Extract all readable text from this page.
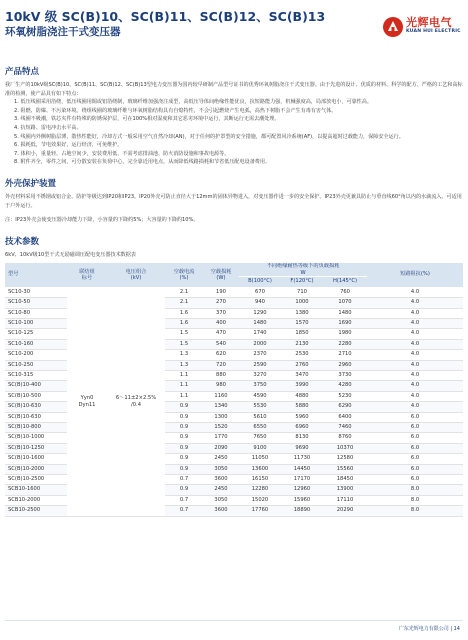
10kV 级 SC(B)10、SC(B)11、SC(B)12、SC(B)13
环氧树脂浇注干式变压器
光辉电气
KUAN HUI ELECTRIC
产品特点

我厂生产的10kV级SC(B)10、SC(B)11、SC(B)12、SC(B)13型电力变压器为国内较早研制产品型号证书的优秀环氧树脂浇注干式变压器。由于先进的设计、优质的材料、科学的配方、严格的工艺和高标准的检测，使产品具有如下特点：

1. 低压线圈采用箔绕，低压线圈用铜或铝箔绕制，玻璃纤维加强浇注成型，高低压导体间绝缘性能优良，抗短路能力强，机械强度高，局部放电小，可靠性高。

2. 阻燃、防爆、不污染环境。绕组线圈的玻璃纤维与环氧树脂结构具有自熄特性，不会引起燃烧产生电弧，高热下树脂不会产生有毒有害气体。

3. 线圈不吸潮，铁芯夹件有特殊的防锈保护层，可在100%相对湿度和其它恶劣环境中运行，其断运行无需去潮处理。

4. 抗短路、雷电冲击水平高。

5. 线圈内外侧树脂层薄，散热性能好，冷却方式一般采用空气自然冷却(AN)，对于任何的护罩型的安全措施，都可配置风冷系统(AF)，以提高超时过载能力，保障安全运行。

6. 损耗低，节电效果好，运行经济，可免维护。

7. 体积小，重量轻，占地空间少，安装费用低，不需考虑排油池、防火消防设施和事故电源等。

8. 附件齐全，零件之间，可分散安装在负荷中心，完全靠近用电点，从而降低线路损耗和节省低压配电设备费用。

外壳保护装置

外壳材料采用不锈钢或铝合金。防护等级达到IP20和IP23。IP20外壳可防止直径大于12mm的固体异物进入，对变压器作进一步的安全保护。IP23外壳更兼具防止与垂直线60°角以内的水滴流入，可适用于户外运行。

注：IP23外壳会使变压器冷却能力下降，小容量的下降约5%；大容量的下降约10%。

技术参数

6kV、10kV级10型干式无励磁调压配电变压器技术数据表

型号	联结组
标号	电压组合
(kV)	空载电流
(%)	空载损耗
(W)	不同绝缘耐热等级下的负载损耗
W			短路阻抗(%)
					B(100°C)	F(120°C)	H(145°C)	
SC10-30	Yyn0
Dyn11	6～11±2×2.5%
/0.4	2.1	190	670	710	760	4.0
SC10-50			2.1	270	940	1000	1070	4.0
SC10-80			1.6	370	1290	1380	1480	4.0
SC10-100			1.6	400	1480	1570	1690	4.0
SC10-125			1.5	470	1740	1850	1980	4.0
SC10-160			1.5	540	2000	2130	2280	4.0
SC10-200			1.3	620	2370	2530	2710	4.0
SC10-250			1.3	720	2590	2760	2960	4.0
SC10-315			1.1	880	3270	3470	3730	4.0
SC(B)10-400			1.1	980	3750	3990	4280	4.0
SC(B)10-500			1.1	1160	4590	4880	5230	4.0
SC(B)10-630			0.9	1340	5530	5880	6290	4.0
SC(B)10-630			0.9	1300	5610	5960	6400	6.0
SC(B)10-800			0.9	1520	6550	6960	7460	6.0
SC(B)10-1000			0.9	1770	7650	8130	8760	6.0
SC(B)10-1250			0.9	2090	9100	9690	10370	6.0
SC(B)10-1600			0.9	2450	11050	11730	12580	6.0
SC(B)10-2000			0.9	3050	13600	14450	15560	6.0
SC(B)10-2500			0.7	3600	16150	17170	18450	6.0
SCB10-1600			0.9	2450	12280	12960	13900	8.0
SCB10-2000			0.7	3050	15020	15960	17110	8.0
SCB10-2500			0.7	3600	17760	18890	20290	8.0
广东光辉电力有限公司 | 14
